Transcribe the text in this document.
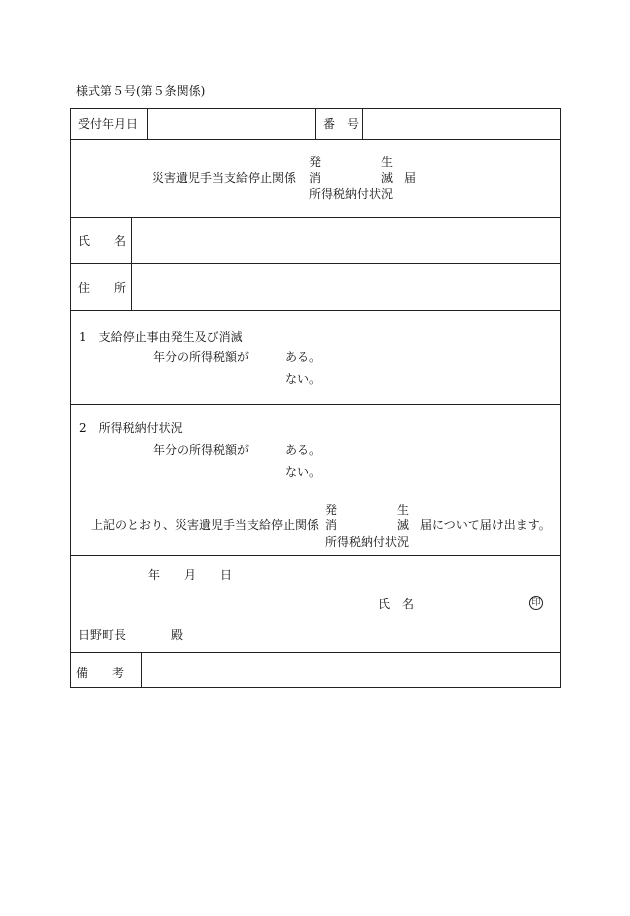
様式第５号(第５条関係)
受付年月日	番　号
災害遺児手当支給停止関係
発　　　　　生
消　　　　　滅
所得税納付状況
届
氏　　名
住　　所
1　支給停止事由発生及び消滅
年分の所得税額が	ある。
ない。
2　所得税納付状況
年分の所得税額が	ある。
ない。
上記のとおり、災害遺児手当支給停止関係
発　　　　　生
消　　　　　滅
所得税納付状況
届について届け出ます。
年　　月　　日
氏　名	印
日野町長	殿
備　　考
